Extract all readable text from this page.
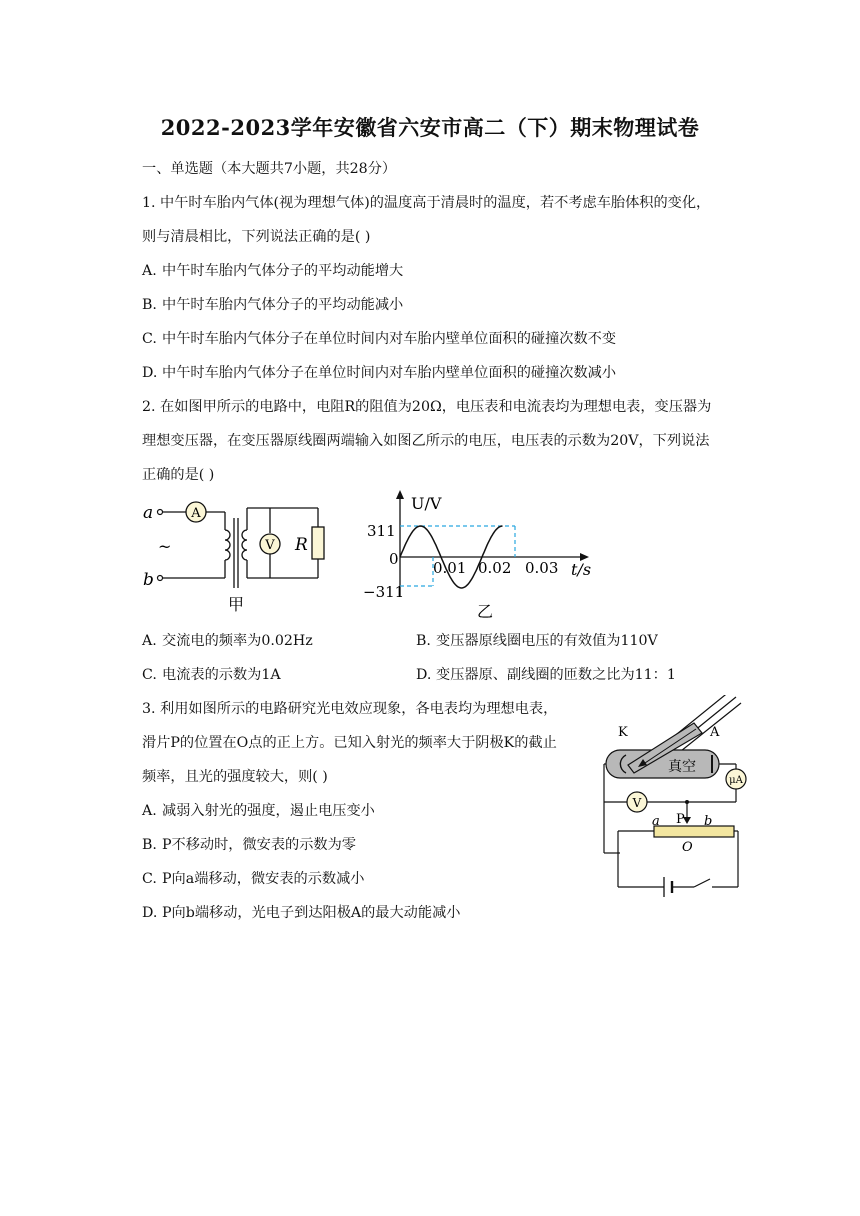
2022-2023学年安徽省六安市高二（下）期末物理试卷
一、单选题（本大题共7小题，共28分）
1. 中午时车胎内气体(视为理想气体)的温度高于清晨时的温度，若不考虑车胎体积的变化，
则与清晨相比，下列说法正确的是( )
A. 中午时车胎内气体分子的平均动能增大
B. 中午时车胎内气体分子的平均动能减小
C. 中午时车胎内气体分子在单位时间内对车胎内壁单位面积的碰撞次数不变
D. 中午时车胎内气体分子在单位时间内对车胎内壁单位面积的碰撞次数减小
2. 在如图甲所示的电路中，电阻R的阻值为20Ω，电压表和电流表均为理想电表，变压器为
理想变压器，在变压器原线圈两端输入如图乙所示的电压，电压表的示数为20V，下列说法
正确的是( )
a	A
b
~	V R
甲
U/V
t/s
311
0
−311
0.01 0.02 0.03
乙
A. 交流电的频率为0.02Hz	B. 变压器原线圈电压的有效值为110V
C. 电流表的示数为1A	D. 变压器原、副线圈的匝数之比为11：1
3. 利用如图所示的电路研究光电效应现象，各电表均为理想电表，
滑片P的位置在O点的正上方。已知入射光的频率大于阴极K的截止
频率，且光的强度较大，则( )
A. 减弱入射光的强度，遏止电压变小
B. P不移动时，微安表的示数为零
C. P向a端移动，微安表的示数减小
D. P向b端移动，光电子到达阳极A的最大动能减小
K	A
真空
μA
V
a P b
O
